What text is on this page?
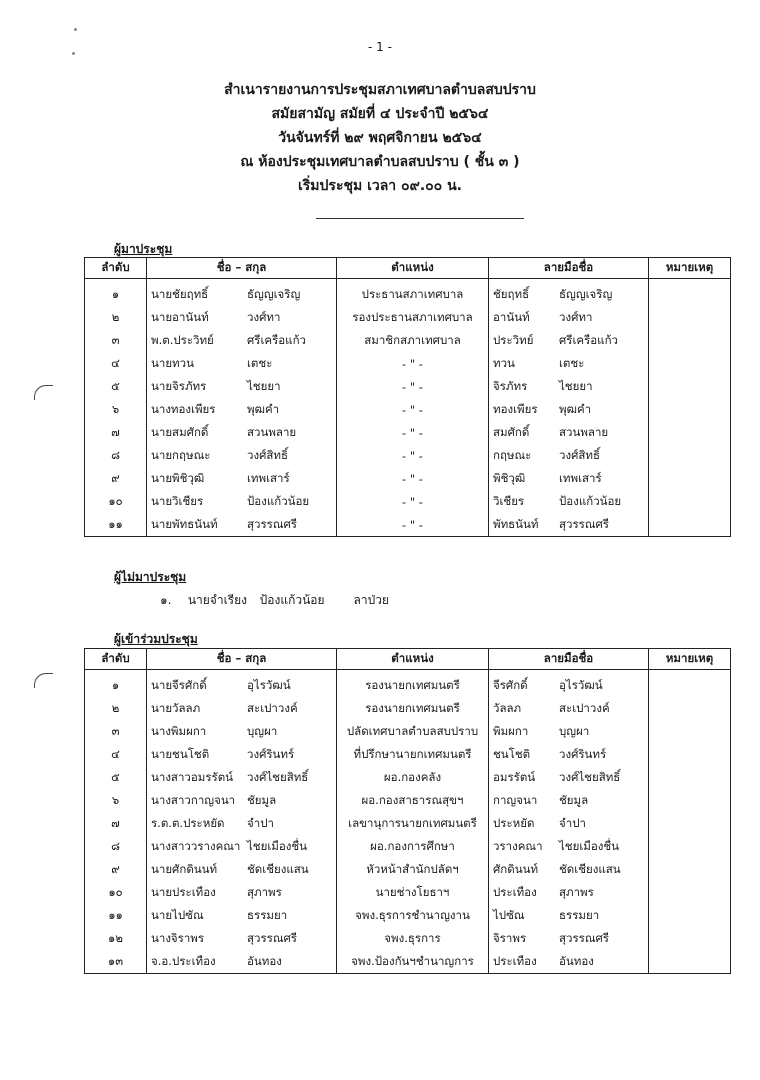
- 1 -
สำเนารายงานการประชุมสภาเทศบาลตำบลสบปราบ
สมัยสามัญ สมัยที่ ๔ ประจำปี ๒๕๖๔
วันจันทร์ที่ ๒๙ พฤศจิกายน ๒๕๖๔
ณ ห้องประชุมเทศบาลตำบลสบปราบ ( ชั้น ๓ )
เริ่มประชุม เวลา ๐๙.๐๐ น.
ผู้มาประชุม
ลำดับ	ชื่อ – สกุล	ตำแหน่ง	ลายมือชื่อ	หมายเหตุ
๑	นายชัยฤทธิ์ ธัญญเจริญ	ประธานสภาเทศบาล	ชัยฤทธิ์ ธัญญเจริญ	
๒	นายอานันท์ วงศ์ทา	รองประธานสภาเทศบาล	อานันท์ วงศ์ทา	
๓	พ.ต.ประวิทย์ ศรีเครือแก้ว	สมาชิกสภาเทศบาล	ประวิทย์ ศรีเครือแก้ว	
๔	นายทวน เตชะ	- " -	ทวน เตชะ	
๕	นายจิรภัทร ไชยยา	- " -	จิรภัทร ไชยยา	
๖	นางทองเพียร พุฒคำ	- " -	ทองเพียร พุฒคำ	
๗	นายสมศักดิ์ สวนพลาย	- " -	สมศักดิ์ สวนพลาย	
๘	นายกฤษณะ วงศ์สิทธิ์	- " -	กฤษณะ วงศ์สิทธิ์	
๙	นายพิชิวุฒิ เทพเสาร์	- " -	พิชิวุฒิ เทพเสาร์	
๑๐	นายวิเชียร ป้องแก้วน้อย	- " -	วิเชียร ป้องแก้วน้อย	
๑๑	นายพัทธนันท์ สุวรรณศรี	- " -	พัทธนันท์ สุวรรณศรี	
ผู้ไม่มาประชุม
๑. นายจำเรียง ป้องแก้วน้อย ลาป่วย
ผู้เข้าร่วมประชุม
ลำดับ	ชื่อ – สกุล	ตำแหน่ง	ลายมือชื่อ	หมายเหตุ
๑	นายจีรศักดิ์ อุไรวัฒน์	รองนายกเทศมนตรี	จีรศักดิ์ อุไรวัฒน์	
๒	นายวัลลภ สะเปาวงค์	รองนายกเทศมนตรี	วัลลภ สะเปาวงค์	
๓	นางพิมผกา บุญผา	ปลัดเทศบาลตำบลสบปราบ	พิมผกา บุญผา	
๔	นายชนโชติ วงศ์รินทร์	ที่ปรึกษานายกเทศมนตรี	ชนโชติ วงศ์รินทร์	
๕	นางสาวอมรรัตน์ วงศ์ไชยสิทธิ์	ผอ.กองคลัง	อมรรัตน์ วงศ์ไชยสิทธิ์	
๖	นางสาวกาญจนา ชัยมูล	ผอ.กองสาธารณสุขฯ	กาญจนา ชัยมูล	
๗	ร.ต.ต.ประหยัด จำปา	เลขานุการนายกเทศมนตรี	ประหยัด จำปา	
๘	นางสาววรางคณา ไชยเมืองชื่น	ผอ.กองการศึกษา	วรางคณา ไชยเมืองชื่น	
๙	นายศักดินนท์ ชัดเชียงแสน	หัวหน้าสำนักปลัดฯ	ศักดินนท์ ชัดเชียงแสน	
๑๐	นายประเทือง สุภาพร	นายช่างโยธาฯ	ประเทือง สุภาพร	
๑๑	นายไปซัณ ธรรมยา	จพง.ธุรการชำนาญงาน	ไปซัณ ธรรมยา	
๑๒	นางจิราพร สุวรรณศรี	จพง.ธุรการ	จิราพร สุวรรณศรี	
๑๓	จ.อ.ประเทือง อันทอง	จพง.ป้องกันฯชำนาญการ	ประเทือง อันทอง	
